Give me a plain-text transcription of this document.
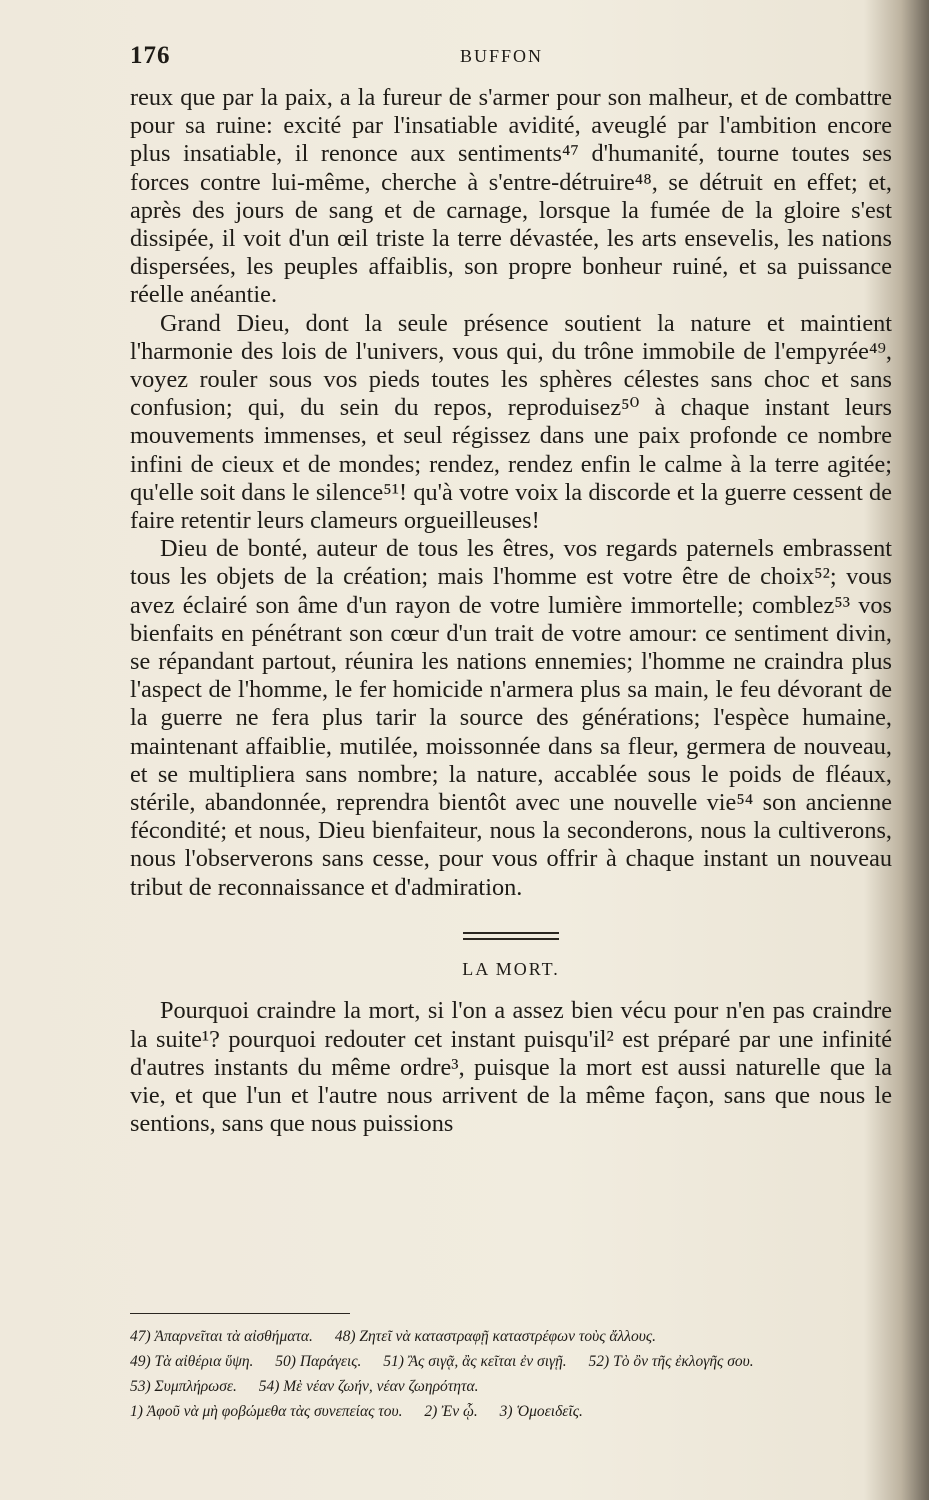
176	BUFFON

reux que par la paix, a la fureur de s'armer pour son malheur, et de combattre pour sa ruine: excité par l'insatiable avidité, aveuglé par l'ambition encore plus insatiable, il renonce aux sentiments⁴⁷ d'humanité, tourne toutes ses forces contre lui-même, cherche à s'entre-détruire⁴⁸, se détruit en effet; et, après des jours de sang et de carnage, lorsque la fumée de la gloire s'est dissipée, il voit d'un œil triste la terre dévastée, les arts ensevelis, les nations dispersées, les peuples affaiblis, son propre bonheur ruiné, et sa puissance réelle anéantie.

Grand Dieu, dont la seule présence soutient la nature et maintient l'harmonie des lois de l'univers, vous qui, du trône immobile de l'empyrée⁴⁹, voyez rouler sous vos pieds toutes les sphères célestes sans choc et sans confusion; qui, du sein du repos, reproduisez⁵⁰ à chaque instant leurs mouvements immenses, et seul régissez dans une paix profonde ce nombre infini de cieux et de mondes; rendez, rendez enfin le calme à la terre agitée; qu'elle soit dans le silence⁵¹! qu'à votre voix la discorde et la guerre cessent de faire retentir leurs clameurs orgueilleuses!

Dieu de bonté, auteur de tous les êtres, vos regards paternels embrassent tous les objets de la création; mais l'homme est votre être de choix⁵²; vous avez éclairé son âme d'un rayon de votre lumière immortelle; comblez⁵³ vos bienfaits en pénétrant son cœur d'un trait de votre amour: ce sentiment divin, se répandant partout, réunira les nations ennemies; l'homme ne craindra plus l'aspect de l'homme, le fer homicide n'armera plus sa main, le feu dévorant de la guerre ne fera plus tarir la source des générations; l'espèce humaine, maintenant affaiblie, mutilée, moissonnée dans sa fleur, germera de nouveau, et se multipliera sans nombre; la nature, accablée sous le poids de fléaux, stérile, abandonnée, reprendra bientôt avec une nouvelle vie⁵⁴ son ancienne fécondité; et nous, Dieu bienfaiteur, nous la seconderons, nous la cultiverons, nous l'observerons sans cesse, pour vous offrir à chaque instant un nouveau tribut de reconnaissance et d'admiration.

LA MORT.

Pourquoi craindre la mort, si l'on a assez bien vécu pour n'en pas craindre la suite¹? pourquoi redouter cet instant puisqu'il² est préparé par une infinité d'autres instants du même ordre³, puisque la mort est aussi naturelle que la vie, et que l'un et l'autre nous arrivent de la même façon, sans que nous le sentions, sans que nous puissions

47) Ἀπαρνεῖται τὰ αἰσθήματα. 48) Ζητεῖ νὰ καταστραφῇ καταστρέφων τοὺς ἄλλους.
49) Τὰ αἰθέρια ὕψη. 50) Παράγεις. 51) Ἂς σιγᾷ, ἂς κεῖται ἐν σιγῇ. 52) Τὸ ὂν τῆς ἐκλογῆς σου.
53) Συμπλήρωσε. 54) Μὲ νέαν ζωήν, νέαν ζωηρότητα.
1) Ἀφοῦ νὰ μὴ φοβώμεθα τὰς συνεπείας του. 2) Ἐν ᾧ. 3) Ὁμοειδεῖς.
